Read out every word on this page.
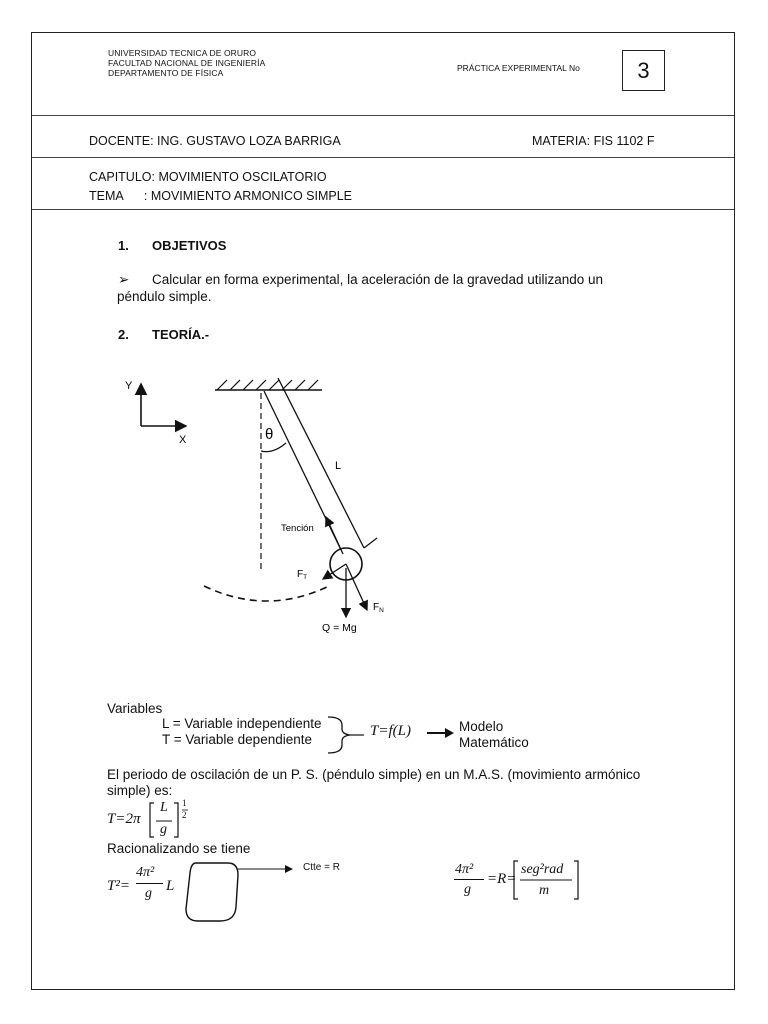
UNIVERSIDAD TECNICA DE ORURO
FACULTAD NACIONAL DE INGENIERÍA
DEPARTAMENTO DE FÍSICA	PRÁCTICA EXPERIMENTAL No	3
DOCENTE: ING. GUSTAVO LOZA BARRIGA	MATERIA: FIS 1102 F
CAPITULO: MOVIMIENTO OSCILATORIO
TEMA      : MOVIMIENTO ARMONICO SIMPLE
1. OBJETIVOS
➢ Calcular en forma experimental, la aceleración de la gravedad utilizando un
péndulo simple.
2. TEORÍA.-
Y
X	θ
L
Tención
$F_T$
$F_N$
Q = Mg
Variables
L = Variable independiente
T = Variable dependiente
T=f(L)	Modelo
Matemático
El periodo de oscilación de un P. S. (péndulo simple) en un M.A.S. (movimiento armónico
simple) es:
T=2π
L
g
1
2
Racionalizando se tiene
T²=
4π²
g L
Ctte = R	4π²
g
=R=
seg²rad
m
